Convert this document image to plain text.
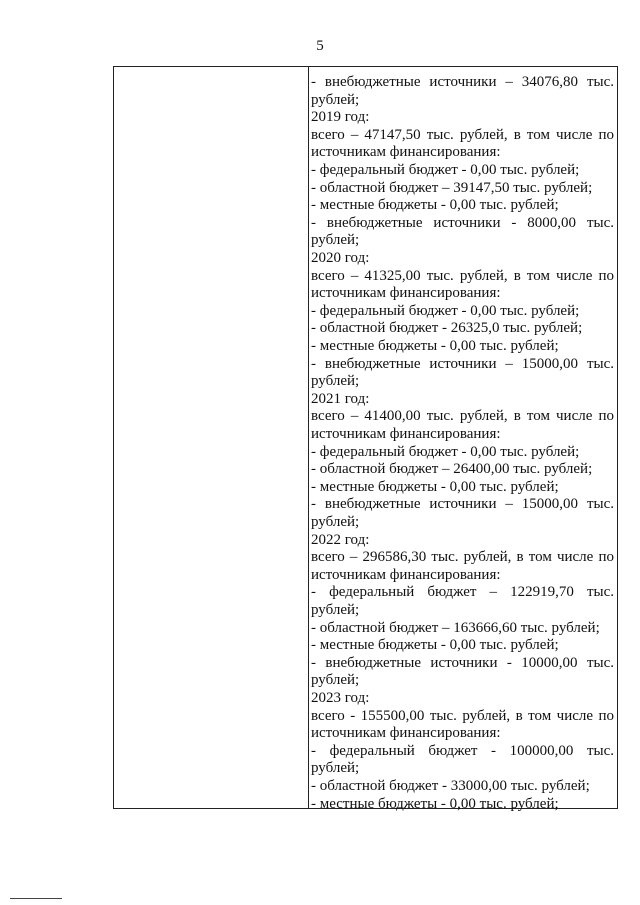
5
- внебюджетные источники – 34076,80 тыс.
рублей;
2019 год:
всего – 47147,50 тыс. рублей, в том числе по
источникам финансирования:
- федеральный бюджет - 0,00 тыс. рублей;
- областной бюджет – 39147,50 тыс. рублей;
- местные бюджеты - 0,00 тыс. рублей;
- внебюджетные источники - 8000,00 тыс.
рублей;
2020 год:
всего – 41325,00 тыс. рублей, в том числе по
источникам финансирования:
- федеральный бюджет - 0,00 тыс. рублей;
- областной бюджет - 26325,0 тыс. рублей;
- местные бюджеты - 0,00 тыс. рублей;
- внебюджетные источники – 15000,00 тыс.
рублей;
2021 год:
всего – 41400,00 тыс. рублей, в том числе по
источникам финансирования:
- федеральный бюджет - 0,00 тыс. рублей;
- областной бюджет – 26400,00 тыс. рублей;
- местные бюджеты - 0,00 тыс. рублей;
- внебюджетные источники – 15000,00 тыс.
рублей;
2022 год:
всего – 296586,30 тыс. рублей, в том числе по
источникам финансирования:
- федеральный бюджет – 122919,70 тыс.
рублей;
- областной бюджет – 163666,60 тыс. рублей;
- местные бюджеты - 0,00 тыс. рублей;
- внебюджетные источники - 10000,00 тыс.
рублей;
2023 год:
всего - 155500,00 тыс. рублей, в том числе по
источникам финансирования:
- федеральный бюджет - 100000,00 тыс.
рублей;
- областной бюджет - 33000,00 тыс. рублей;
- местные бюджеты - 0,00 тыс. рублей;
